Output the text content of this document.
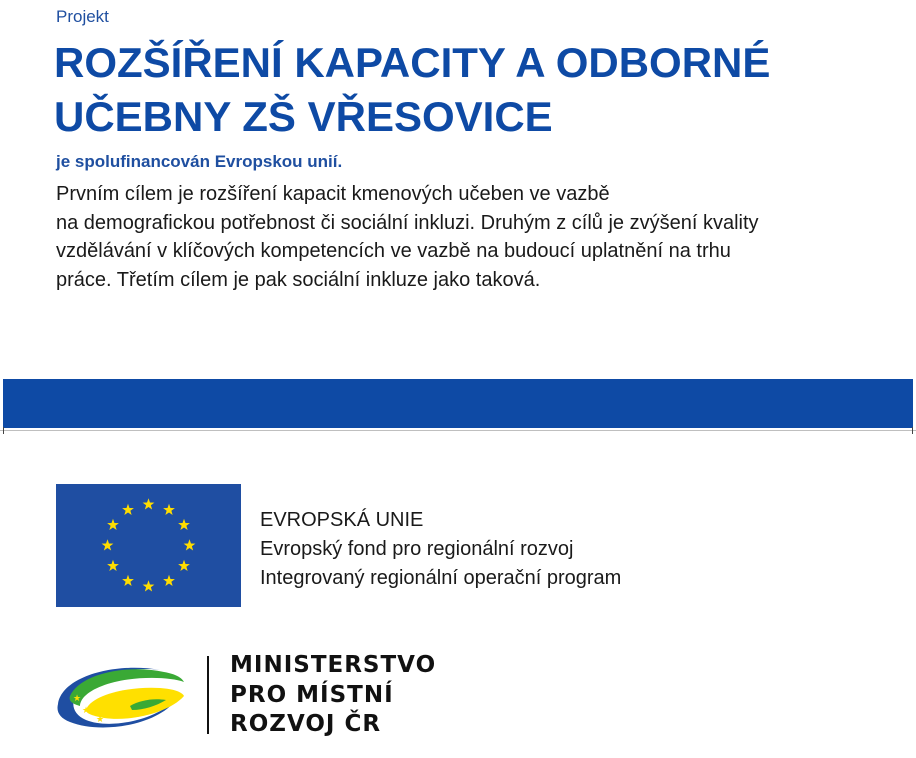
Projekt
ROZŠÍŘENÍ KAPACITY A ODBORNÉ
UČEBNY ZŠ VŘESOVICE
je spolufinancován Evropskou unií.

Prvním cílem je rozšíření kapacit kmenových učeben ve vazbě
na demografickou potřebnost či sociální inkluzi. Druhým z cílů je zvýšení kvality
vzdělávání v klíčových kompetencích ve vazbě na budoucí uplatnění na trhu
práce. Třetím cílem je pak sociální inkluze jako taková.

EVROPSKÁ UNIE
Evropský fond pro regionální rozvoj
Integrovaný regionální operační program
★
★
★
MINISTERSTVO
PRO MÍSTNÍ
ROZVOJ ČR
